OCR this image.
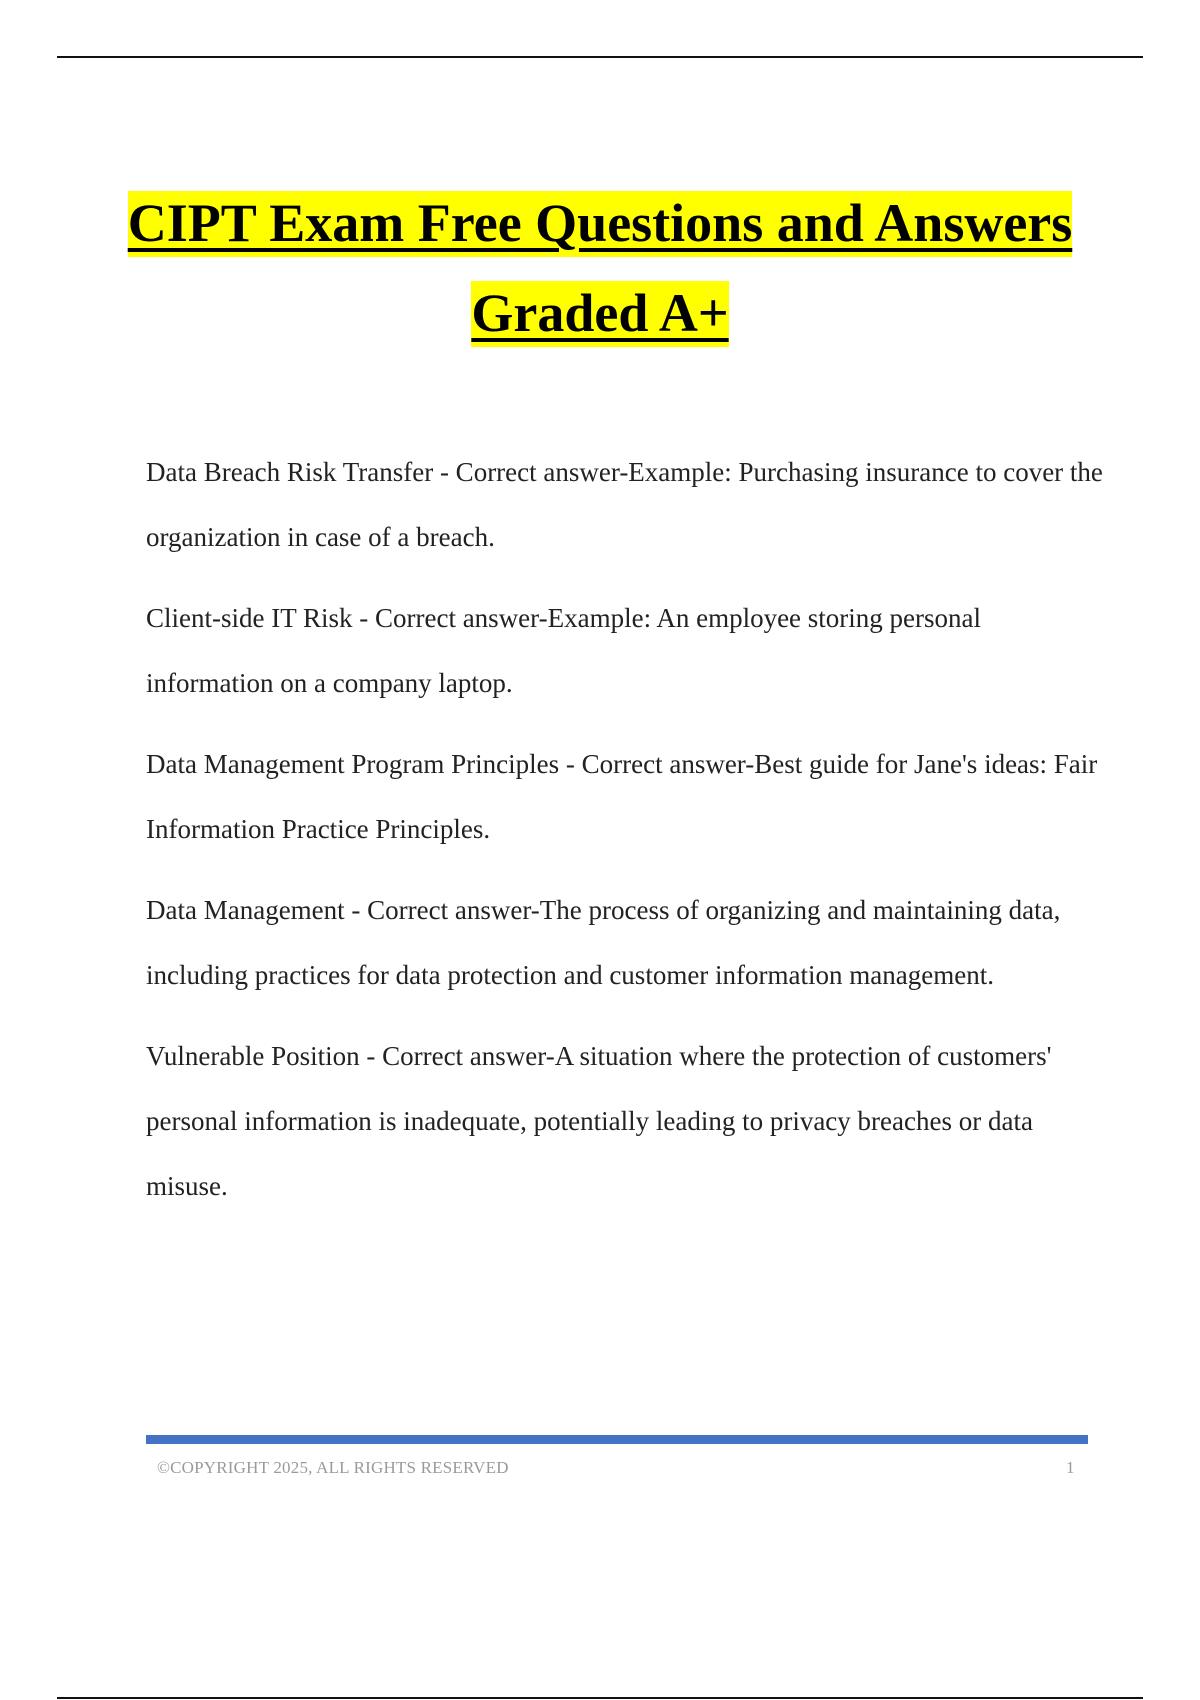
CIPT Exam Free Questions and Answers
Graded A+

Data Breach Risk Transfer - Correct answer-Example: Purchasing insurance to cover the organization in case of a breach.

Client-side IT Risk - Correct answer-Example: An employee storing personal information on a company laptop.

Data Management Program Principles - Correct answer-Best guide for Jane's ideas: Fair Information Practice Principles.

Data Management - Correct answer-The process of organizing and maintaining data, including practices for data protection and customer information management.

Vulnerable Position - Correct answer-A situation where the protection of customers' personal information is inadequate, potentially leading to privacy breaches or data misuse.

©COPYRIGHT 2025, ALL RIGHTS RESERVED	1
